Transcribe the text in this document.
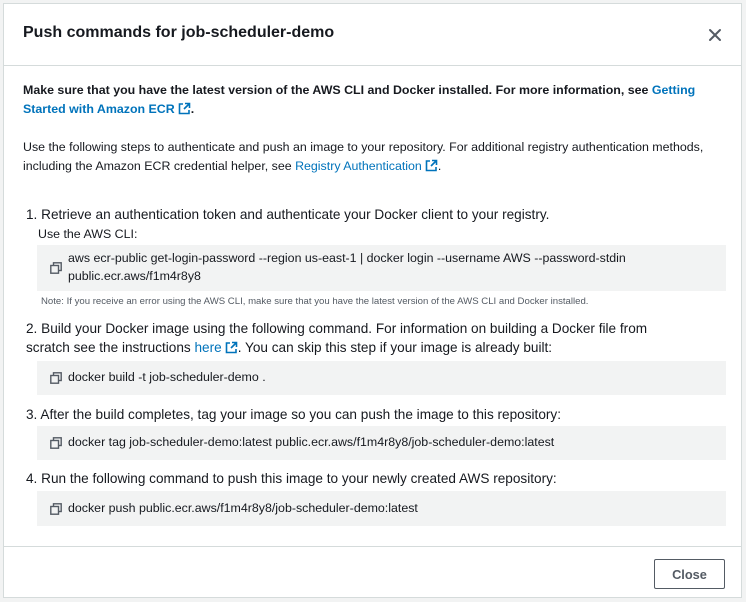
Push commands for job-scheduler-demo
Make sure that you have the latest version of the AWS CLI and Docker installed. For more information, see Getting Started with Amazon ECR .
Use the following steps to authenticate and push an image to your repository. For additional registry authentication methods, including the Amazon ECR credential helper, see Registry Authentication .
1. Retrieve an authentication token and authenticate your Docker client to your registry.
Use the AWS CLI:
aws ecr-public get-login-password --region us-east-1 | docker login --username AWS --password-stdin
public.ecr.aws/f1m4r8y8
Note: If you receive an error using the AWS CLI, make sure that you have the latest version of the AWS CLI and Docker installed.
2. Build your Docker image using the following command. For information on building a Docker file from
scratch see the instructions here . You can skip this step if your image is already built:
docker build -t job-scheduler-demo .
3. After the build completes, tag your image so you can push the image to this repository:
docker tag job-scheduler-demo:latest public.ecr.aws/f1m4r8y8/job-scheduler-demo:latest
4. Run the following command to push this image to your newly created AWS repository:
docker push public.ecr.aws/f1m4r8y8/job-scheduler-demo:latest
Close
